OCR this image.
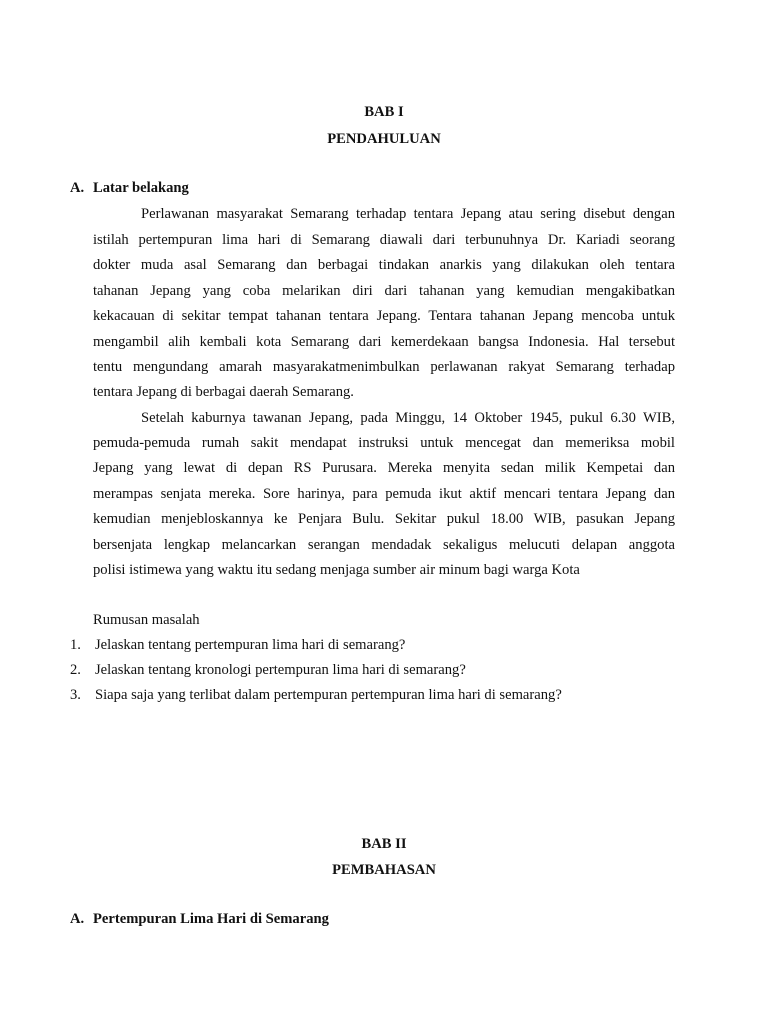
BAB I
PENDAHULUAN
A. Latar belakang
Perlawanan masyarakat Semarang terhadap tentara Jepang atau sering disebut dengan
istilah pertempuran lima hari di Semarang diawali dari terbunuhnya Dr. Kariadi seorang
dokter muda asal Semarang dan berbagai tindakan anarkis yang dilakukan oleh tentara
tahanan Jepang yang coba melarikan diri dari tahanan yang kemudian mengakibatkan
kekacauan di sekitar tempat tahanan tentara Jepang. Tentara tahanan Jepang mencoba untuk
mengambil alih kembali kota Semarang dari kemerdekaan bangsa Indonesia. Hal tersebut
tentu mengundang amarah masyarakatmenimbulkan perlawanan rakyat Semarang terhadap
tentara Jepang di berbagai daerah Semarang.
Setelah kaburnya tawanan Jepang, pada Minggu, 14 Oktober 1945, pukul 6.30 WIB,
pemuda-pemuda rumah sakit mendapat instruksi untuk mencegat dan memeriksa mobil
Jepang yang lewat di depan RS Purusara. Mereka menyita sedan milik Kempetai dan
merampas senjata mereka. Sore harinya, para pemuda ikut aktif mencari tentara Jepang dan
kemudian menjebloskannya ke Penjara Bulu. Sekitar pukul 18.00 WIB, pasukan Jepang
bersenjata lengkap melancarkan serangan mendadak sekaligus melucuti delapan anggota
polisi istimewa yang waktu itu sedang menjaga sumber air minum bagi warga Kota
Rumusan masalah
1. Jelaskan tentang pertempuran lima hari di semarang?
2. Jelaskan tentang kronologi pertempuran lima hari di semarang?
3. Siapa saja yang terlibat dalam pertempuran pertempuran lima hari di semarang?
BAB II
PEMBAHASAN
A. Pertempuran Lima Hari di Semarang
